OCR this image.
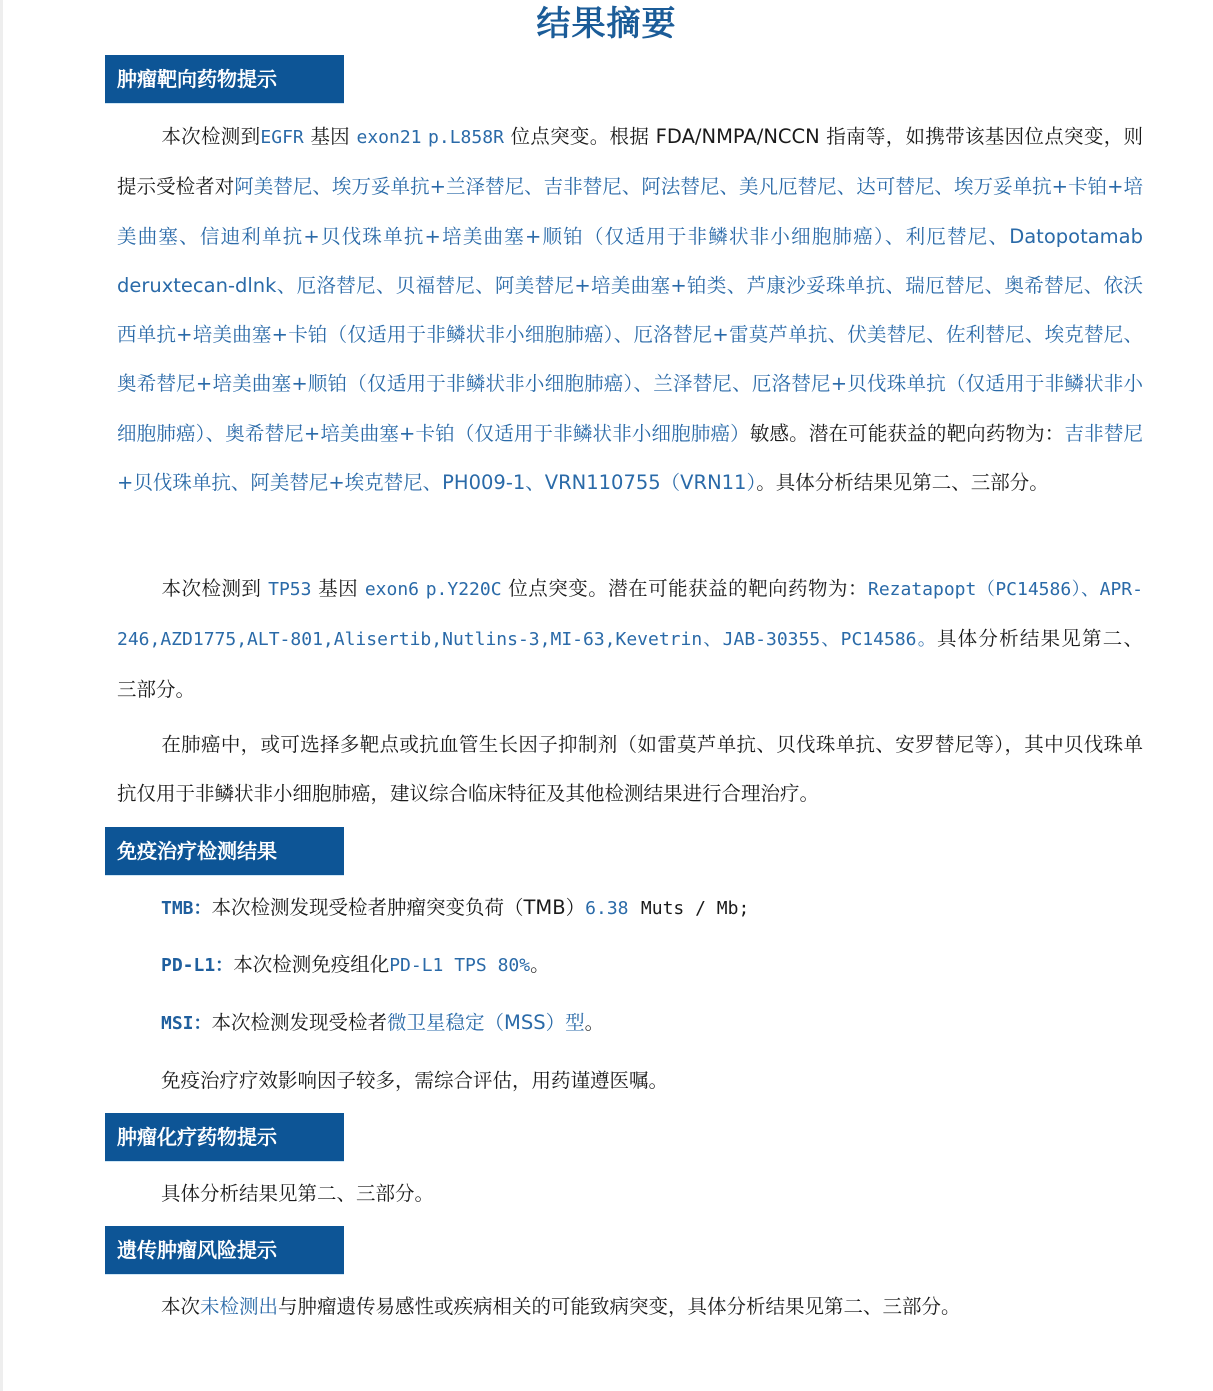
结果摘要
肿瘤靶向药物提示
本次检测到EGFR 基因 exon21 p.L858R 位点突变。根据 FDA/NMPA/NCCN 指南等，如携带该基因位点突变，则提示受检者对阿美替尼、埃万妥单抗+兰泽替尼、吉非替尼、阿法替尼、美凡厄替尼、达可替尼、埃万妥单抗+卡铂+培美曲塞、信迪利单抗+贝伐珠单抗+培美曲塞+顺铂（仅适用于非鳞状非小细胞肺癌）、利厄替尼、Datopotamab deruxtecan-dlnk、厄洛替尼、贝福替尼、阿美替尼+培美曲塞+铂类、芦康沙妥珠单抗、瑞厄替尼、奥希替尼、依沃西单抗+培美曲塞+卡铂（仅适用于非鳞状非小细胞肺癌）、厄洛替尼+雷莫芦单抗、伏美替尼、佐利替尼、埃克替尼、奥希替尼+培美曲塞+顺铂（仅适用于非鳞状非小细胞肺癌）、兰泽替尼、厄洛替尼+贝伐珠单抗（仅适用于非鳞状非小细胞肺癌）、奥希替尼+培美曲塞+卡铂（仅适用于非鳞状非小细胞肺癌）敏感。潜在可能获益的靶向药物为：吉非替尼+贝伐珠单抗、阿美替尼+埃克替尼、PH009-1、VRN110755（VRN11）。具体分析结果见第二、三部分。
本次检测到 TP53 基因 exon6 p.Y220C 位点突变。潜在可能获益的靶向药物为：Rezatapopt（PC14586）、APR-246,AZD1775,ALT-801,Alisertib,Nutlins-3,MI-63,Kevetrin、JAB-30355、PC14586。具体分析结果见第二、三部分。
在肺癌中，或可选择多靶点或抗血管生长因子抑制剂（如雷莫芦单抗、贝伐珠单抗、安罗替尼等），其中贝伐珠单抗仅用于非鳞状非小细胞肺癌，建议综合临床特征及其他检测结果进行合理治疗。
免疫治疗检测结果
TMB：本次检测发现受检者肿瘤突变负荷（TMB）6.38 Muts / Mb;
PD-L1：本次检测免疫组化PD-L1 TPS 80%。
MSI：本次检测发现受检者微卫星稳定（MSS）型。
免疫治疗疗效影响因子较多，需综合评估，用药谨遵医嘱。
肿瘤化疗药物提示
具体分析结果见第二、三部分。
遗传肿瘤风险提示
本次未检测出与肿瘤遗传易感性或疾病相关的可能致病突变，具体分析结果见第二、三部分。
